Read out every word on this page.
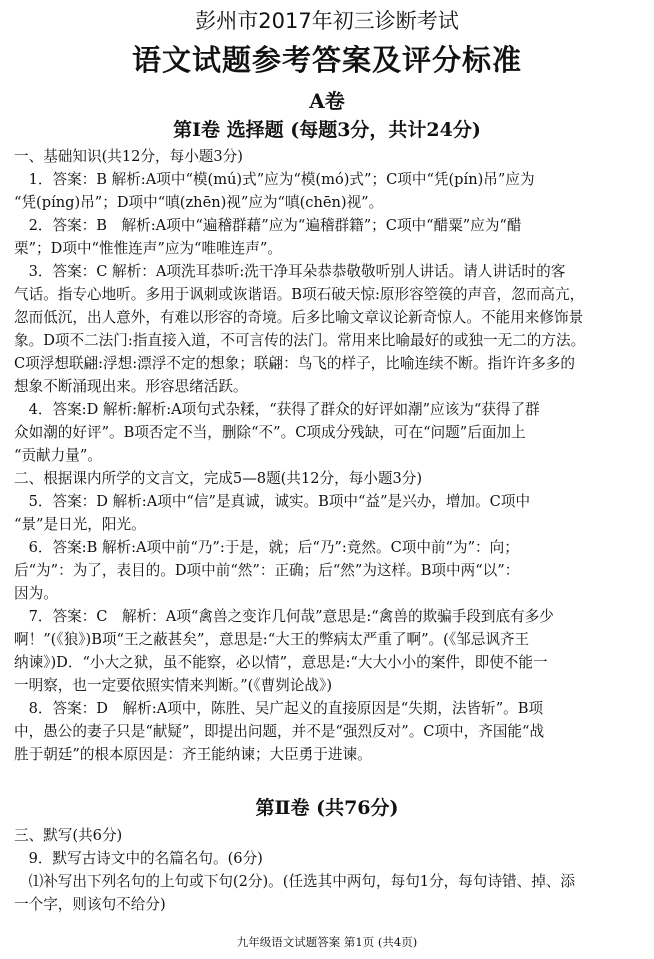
彭州市2017年初三诊断考试
语文试题参考答案及评分标准
A卷
第Ⅰ卷 选择题 (每题3分，共计24分)
一、基础知识(共12分，每小题3分)
　1．答案：B 解析:A项中“模(mú)式”应为“模(mó)式”；C项中“凭(pín)吊”应为
“凭(píng)吊”；D项中“嗔(zhēn)视”应为“嗔(chēn)视”。
　2．答案：B　解析:A项中“遍稽群藉”应为“遍稽群籍”；C项中“醋粟”应为“醋
栗”；D项中“惟惟连声”应为“唯唯连声”。
　3．答案：C 解析：A项洗耳恭听:洗干净耳朵恭恭敬敬听别人讲话。请人讲话时的客
气话。指专心地听。多用于讽刺或诙谐语。B项石破天惊:原形容箜篌的声音，忽而高亢，
忽而低沉，出人意外，有难以形容的奇境。后多比喻文章议论新奇惊人。不能用来修饰景
象。D项不二法门:指直接入道，不可言传的法门。常用来比喻最好的或独一无二的方法。
C项浮想联翩:浮想:漂浮不定的想象；联翩：鸟飞的样子，比喻连续不断。指许许多多的
想象不断涌现出来。形容思绪活跃。
　4．答案:D 解析:解析:A项句式杂糅，“获得了群众的好评如潮”应该为“获得了群
众如潮的好评”。B项否定不当，删除“不”。C项成分残缺，可在“问题”后面加上
“贡献力量”。
二、根据课内所学的文言文，完成5—8题(共12分，每小题3分)
　5．答案：D 解析:A项中“信”是真诚，诚实。B项中“益”是兴办，增加。C项中
“景”是日光，阳光。
　6．答案:B 解析:A项中前“乃”:于是，就；后“乃”:竟然。C项中前“为”：向；
后“为”：为了，表目的。D项中前“然”：正确；后“然”为这样。B项中两“以”：
因为。
　7．答案：C　解析：A项“禽兽之变诈几何哉”意思是:“禽兽的欺骗手段到底有多少
啊！”(《狼》)B项“王之蔽甚矣”，意思是:“大王的弊病太严重了啊”。(《邹忌讽齐王
纳谏》)D．“小大之狱，虽不能察，必以情”，意思是:“大大小小的案件，即使不能一
一明察，也一定要依照实情来判断。”(《曹刿论战》)
　8．答案：D　解析:A项中，陈胜、吴广起义的直接原因是“失期，法皆斩”。B项
中，愚公的妻子只是“献疑”，即提出问题，并不是“强烈反对”。C项中，齐国能“战
胜于朝廷”的根本原因是：齐王能纳谏；大臣勇于进谏。
第Ⅱ卷 (共76分)
三、默写(共6分)
　9．默写古诗文中的名篇名句。(6分)
　⑴补写出下列名句的上句或下句(2分)。(任选其中两句，每句1分，每句诗错、掉、添
一个字，则该句不给分)
九年级语文试题答案 第1页 (共4页)
